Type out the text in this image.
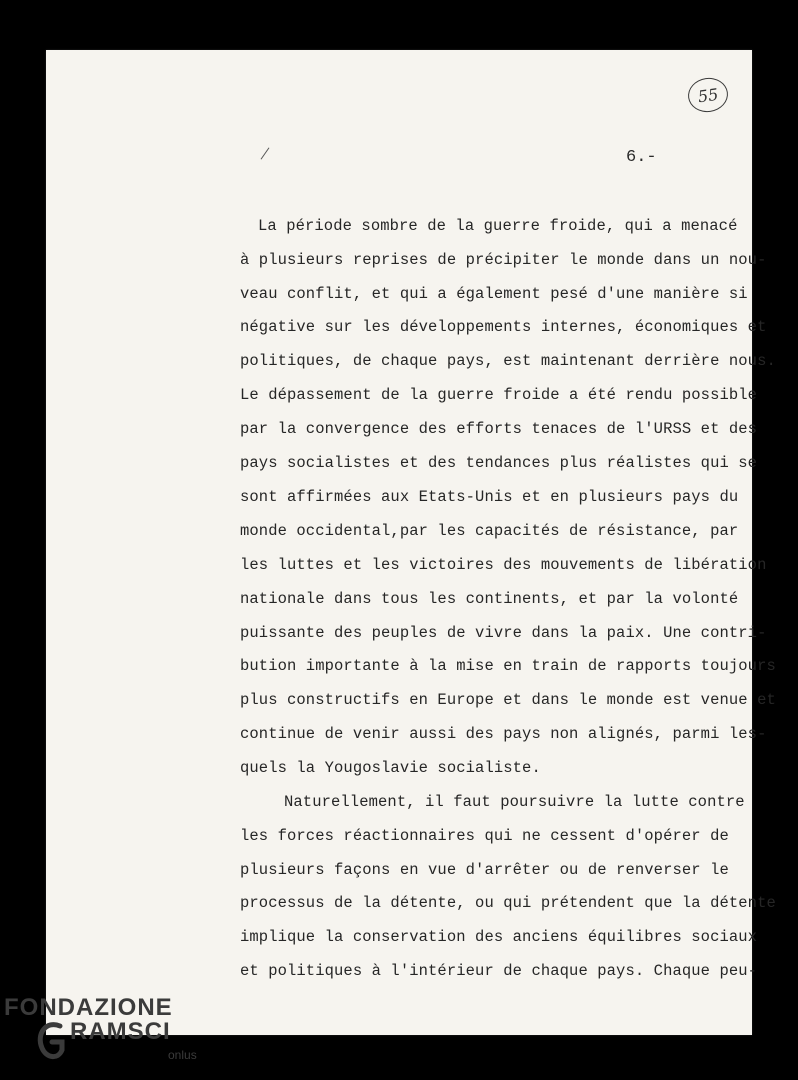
55
6.-
La période sombre de la guerre froide, qui a menacé
à plusieurs reprises de précipiter le monde dans un nou-
veau conflit, et qui a également pesé d'une manière si
négative sur les développements internes, économiques et
politiques, de chaque pays, est maintenant derrière nous.
Le dépassement de la guerre froide a été rendu possible
par la convergence des efforts tenaces de l'URSS et des
pays socialistes et des tendances plus réalistes qui se
sont affirmées aux Etats-Unis et en plusieurs pays du
monde occidental,par les capacités de résistance, par
les luttes et les victoires des mouvements de libération
nationale dans tous les continents, et par la volonté
puissante des peuples de vivre dans la paix. Une contri-
bution importante à la mise en train de rapports toujours
plus constructifs en Europe et dans le monde est venue et
continue de venir aussi des pays non alignés, parmi les-
quels la Yougoslavie socialiste.
Naturellement, il faut poursuivre la lutte contre
les forces réactionnaires qui ne cessent d'opérer de
plusieurs façons en vue d'arrêter ou de renverser le
processus de la détente, ou qui prétendent que la détente
implique la conservation des anciens équilibres sociaux
et politiques à l'intérieur de chaque pays. Chaque peu-
FONDAZIONE
RAMSCI
onlus
